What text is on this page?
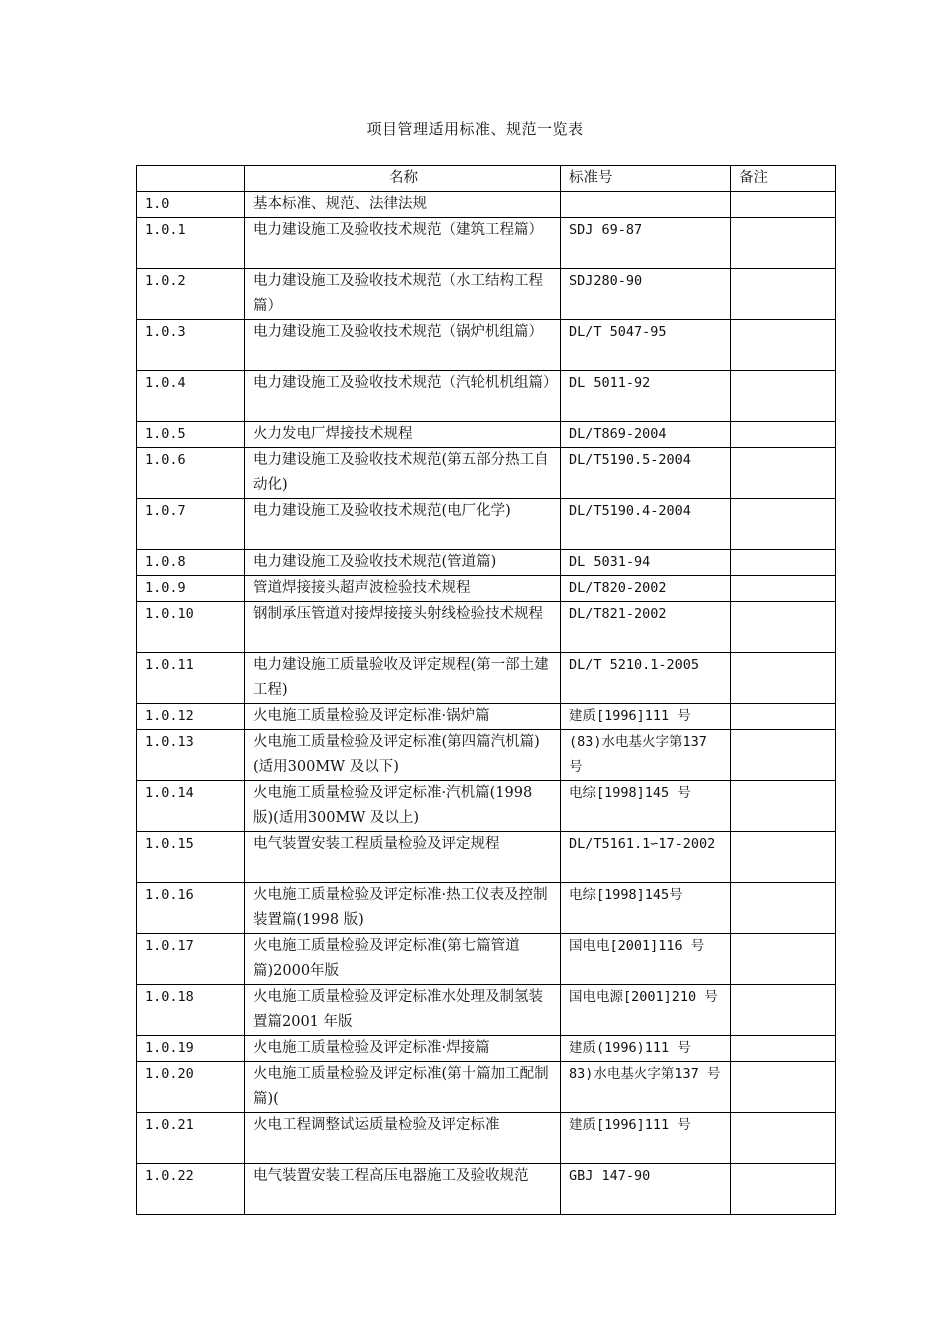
项目管理适用标准、规范一览表
	名称	标准号	备注
1.0	基本标准、规范、法律法规		
1.0.1	电力建设施工及验收技术规范（建筑工程篇）	SDJ 69-87	
1.0.2	电力建设施工及验收技术规范（水工结构工程篇）	SDJ280-90	
1.0.3	电力建设施工及验收技术规范（锅炉机组篇）	DL/T 5047-95	
1.0.4	电力建设施工及验收技术规范（汽轮机机组篇）	DL 5011-92	
1.0.5	火力发电厂焊接技术规程	DL/T869-2004	
1.0.6	电力建设施工及验收技术规范(第五部分热工自动化)	DL/T5190.5-2004	
1.0.7	电力建设施工及验收技术规范(电厂化学)	DL/T5190.4-2004	
1.0.8	电力建设施工及验收技术规范(管道篇)	DL 5031-94	
1.0.9	管道焊接接头超声波检验技术规程	DL/T820-2002	
1.0.10	钢制承压管道对接焊接接头射线检验技术规程	DL/T821-2002	
1.0.11	电力建设施工质量验收及评定规程(第一部土建工程)	DL/T 5210.1-2005	
1.0.12	火电施工质量检验及评定标准·锅炉篇	建质[1996]111 号	
1.0.13	火电施工质量检验及评定标准(第四篇汽机篇)(适用300MW 及以下)	(83)水电基火字第137 号	
1.0.14	火电施工质量检验及评定标准·汽机篇(1998 版)(适用300MW 及以上)	电综[1998]145 号	
1.0.15	电气装置安装工程质量检验及评定规程	DL/T5161.1∽17-2002	
1.0.16	火电施工质量检验及评定标准·热工仪表及控制装置篇(1998 版)	电综[1998]145号	
1.0.17	火电施工质量检验及评定标准(第七篇管道篇)2000年版	国电电[2001]116 号	
1.0.18	火电施工质量检验及评定标准水处理及制氢装置篇2001 年版	国电电源[2001]210 号	
1.0.19	火电施工质量检验及评定标准·焊接篇	建质(1996)111 号	
1.0.20	火电施工质量检验及评定标准(第十篇加工配制篇)(	83)水电基火字第137 号	
1.0.21	火电工程调整试运质量检验及评定标准	建质[1996]111 号	
1.0.22	电气装置安装工程高压电器施工及验收规范	GBJ 147-90	
